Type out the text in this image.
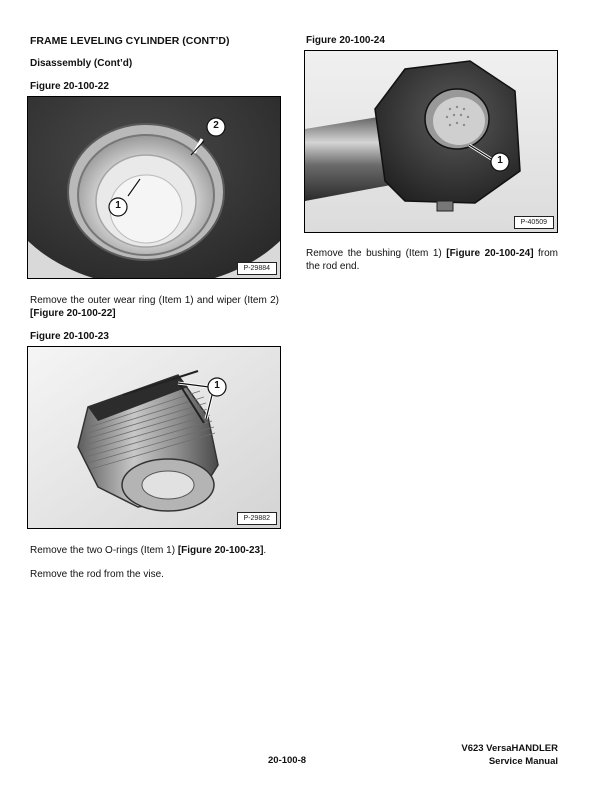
FRAME LEVELING CYLINDER (CONT’D)
Disassembly (Cont’d)
Figure 20-100-22
2
1
P-29884
Remove the outer wear ring (Item 1) and wiper (Item 2) [Figure 20-100-22]
Figure 20-100-23
1
P-29882
Remove the two O-rings (Item 1) [Figure 20-100-23].
Remove the rod from the vise.
Figure 20-100-24
1
P-40509
Remove the bushing (Item 1) [Figure 20-100-24] from the rod end.
20-100-8
V623 VersaHANDLER
Service Manual
